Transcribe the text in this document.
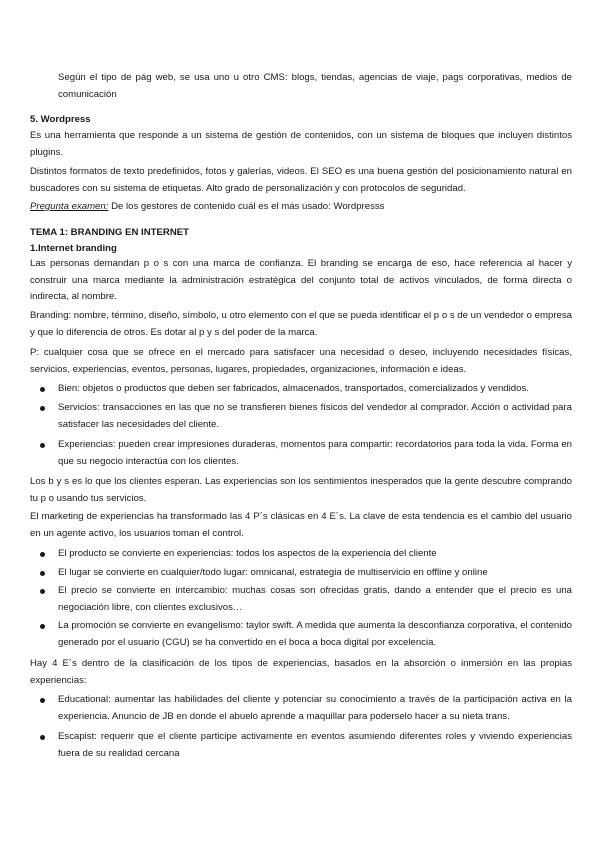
Según el tipo de pág web, se usa uno u otro CMS: blogs, tiendas, agencias de viaje, pags corporativas, medios de comunicación

5. Wordpress

Es una herramienta que responde a un sistema de gestión de contenidos, con un sistema de bloques que incluyen distintos plugins.

Distintos formatos de texto predefinidos, fotos y galerías, videos. El SEO es una buena gestión del posicionamiento natural en buscadores con su sistema de etiquetas. Alto grado de personalización y con protocolos de seguridad.

Pregunta examen: De los gestores de contenido cuál es el más usado: Wordpresss

TEMA 1: BRANDING EN INTERNET

1.Internet branding

Las personas demandan p o s con una marca de confianza. El branding se encarga de eso, hace referencia al hacer y construir una marca mediante la administración estratégica del conjunto total de activos vinculados, de forma directa o indirecta, al nombre.

Branding: nombre, término, diseño, símbolo, u otro elemento con el que se pueda identificar el p o s de un vendedor o empresa y que lo diferencia de otros. Es dotar al p y s del poder de la marca.

P: cualquier cosa que se ofrece en el mercado para satisfacer una necesidad o deseo, incluyendo necesidades físicas, servicios, experiencias, eventos, personas, lugares, propiedades, organizaciones, información e ideas.

Bien: objetos o productos que deben ser fabricados, almacenados, transportados, comercializados y vendidos.
Servicios: transacciones en las que no se transfieren bienes físicos del vendedor al comprador. Acción o actividad para satisfacer las necesidades del cliente.
Experiencias: pueden crear impresiones duraderas, momentos para compartir: recordatorios para toda la vida. Forma en que su negocio interactúa con los clientes.

Los b y s es lo que los clientes esperan. Las experiencias son los sentimientos inesperados que la gente descubre comprando tu p o usando tus servicios.

El marketing de experiencias ha transformado las 4 P´s clásicas en 4 E´s. La clave de esta tendencia es el cambio del usuario en un agente activo, los usuarios toman el control.

El producto se convierte en experiencias: todos los aspectos de la experiencia del cliente
El lugar se convierte en cualquier/todo lugar: omnicanal, estrategia de multiservicio en offline y online
El precio se convierte en intercambio: muchas cosas son ofrecidas gratis, dando a entender que el precio es una negociación libre, con clientes exclusivos…
La promoción se convierte en evangelismo: taylor swift. A medida que aumenta la desconfianza corporativa, el contenido generado por el usuario (CGU) se ha convertido en el boca a boca digital por excelencia.

Hay 4 E´s dentro de la clasificación de los tipos de experiencias, basados en la absorción o inmersión en las propias experiencias:

Educational: aumentar las habilidades del cliente y potenciar su conocimiento a través de la participación activa en la experiencia. Anuncio de JB en donde el abuelo aprende a maquillar para poderselo hacer a su nieta trans.
Escapist: requerir que el cliente participe activamente en eventos asumiendo diferentes roles y viviendo experiencias fuera de su realidad cercana
